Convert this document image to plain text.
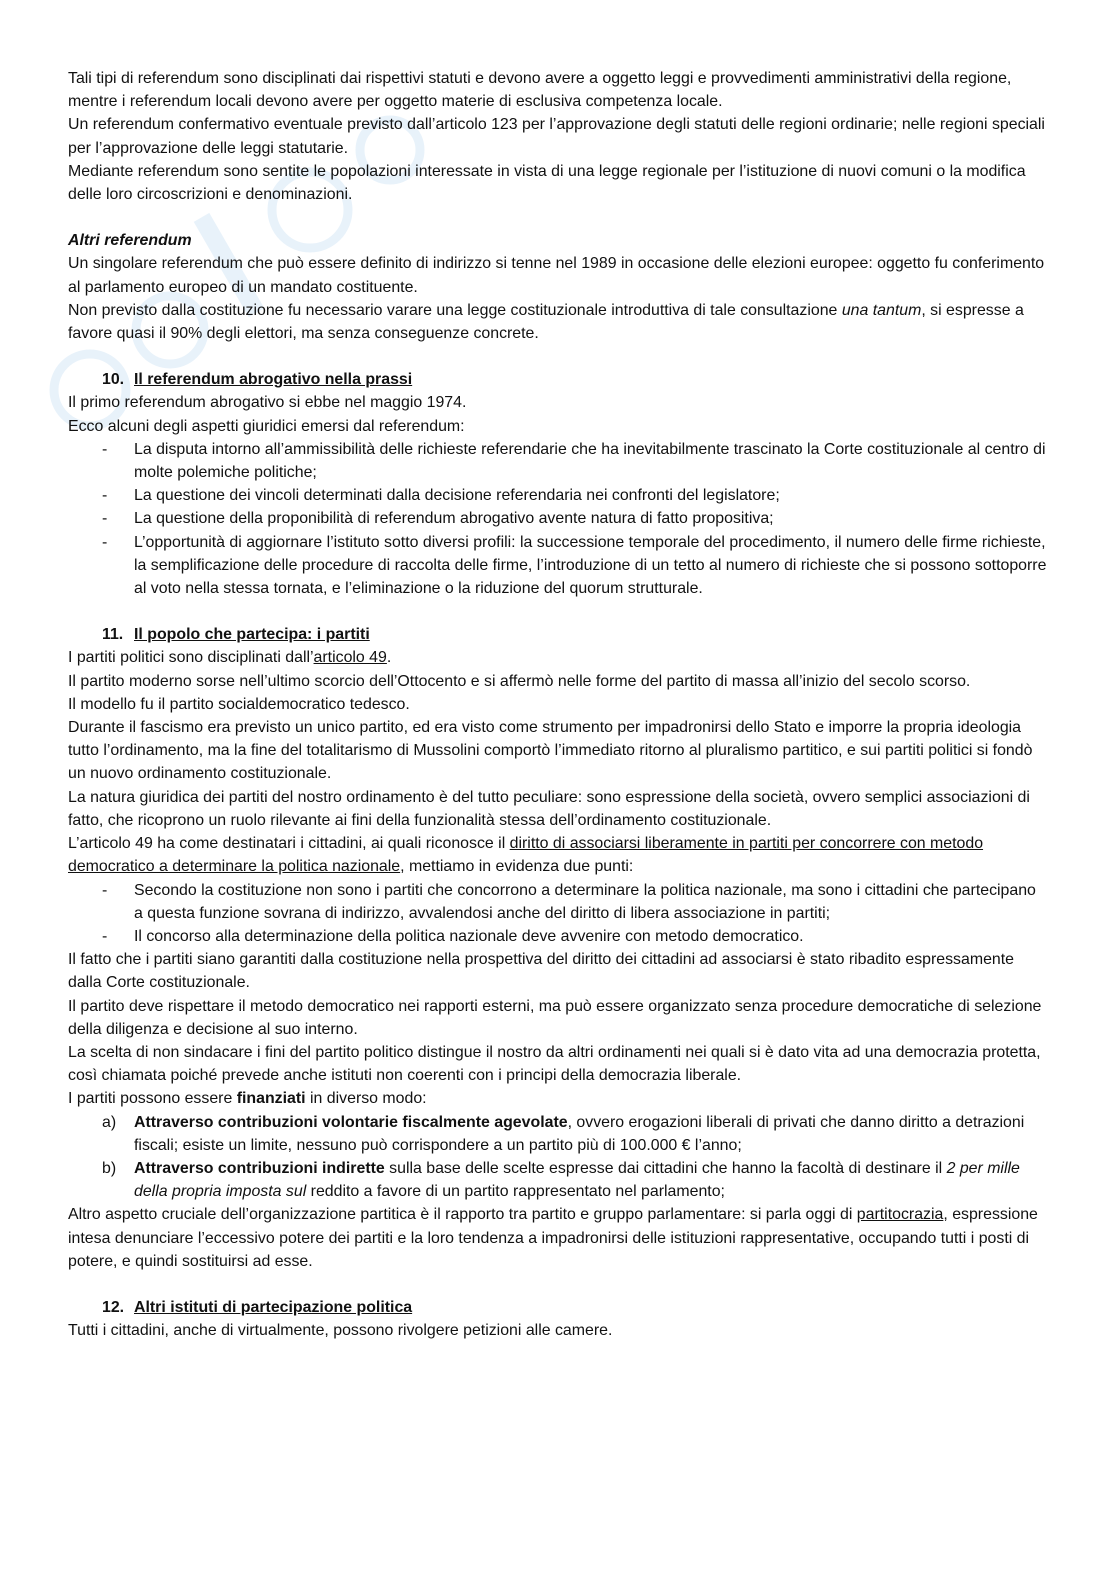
Tali tipi di referendum sono disciplinati dai rispettivi statuti e devono avere a oggetto leggi e provvedimenti amministrativi della regione, mentre i referendum locali devono avere per oggetto materie di esclusiva competenza locale.

Un referendum confermativo eventuale previsto dall’articolo 123 per l’approvazione degli statuti delle regioni ordinarie; nelle regioni speciali per l’approvazione delle leggi statutarie.

Mediante referendum sono sentite le popolazioni interessate in vista di una legge regionale per l’istituzione di nuovi comuni o la modifica delle loro circoscrizioni e denominazioni.

Altri referendum

Un singolare referendum che può essere definito di indirizzo si tenne nel 1989 in occasione delle elezioni europee: oggetto fu conferimento al parlamento europeo di un mandato costituente.

Non previsto dalla costituzione fu necessario varare una legge costituzionale introduttiva di tale consultazione una tantum, si espresse a favore quasi il 90% degli elettori, ma senza conseguenze concrete.

10. Il referendum abrogativo nella prassi

Il primo referendum abrogativo si ebbe nel maggio 1974.

Ecco alcuni degli aspetti giuridici emersi dal referendum:

- La disputa intorno all’ammissibilità delle richieste referendarie che ha inevitabilmente trascinato la Corte costituzionale al centro di molte polemiche politiche;
- La questione dei vincoli determinati dalla decisione referendaria nei confronti del legislatore;
- La questione della proponibilità di referendum abrogativo avente natura di fatto propositiva;
- L’opportunità di aggiornare l’istituto sotto diversi profili: la successione temporale del procedimento, il numero delle firme richieste, la semplificazione delle procedure di raccolta delle firme, l’introduzione di un tetto al numero di richieste che si possono sottoporre al voto nella stessa tornata, e l’eliminazione o la riduzione del quorum strutturale.

11. Il popolo che partecipa: i partiti

I partiti politici sono disciplinati dall’articolo 49.

Il partito moderno sorse nell’ultimo scorcio dell’Ottocento e si affermò nelle forme del partito di massa all’inizio del secolo scorso.

Il modello fu il partito socialdemocratico tedesco.

Durante il fascismo era previsto un unico partito, ed era visto come strumento per impadronirsi dello Stato e imporre la propria ideologia tutto l’ordinamento, ma la fine del totalitarismo di Mussolini comportò l’immediato ritorno al pluralismo partitico, e sui partiti politici si fondò un nuovo ordinamento costituzionale.

La natura giuridica dei partiti del nostro ordinamento è del tutto peculiare: sono espressione della società, ovvero semplici associazioni di fatto, che ricoprono un ruolo rilevante ai fini della funzionalità stessa dell’ordinamento costituzionale.

L’articolo 49 ha come destinatari i cittadini, ai quali riconosce il diritto di associarsi liberamente in partiti per concorrere con metodo democratico a determinare la politica nazionale, mettiamo in evidenza due punti:

- Secondo la costituzione non sono i partiti che concorrono a determinare la politica nazionale, ma sono i cittadini che partecipano a questa funzione sovrana di indirizzo, avvalendosi anche del diritto di libera associazione in partiti;
- Il concorso alla determinazione della politica nazionale deve avvenire con metodo democratico.

Il fatto che i partiti siano garantiti dalla costituzione nella prospettiva del diritto dei cittadini ad associarsi è stato ribadito espressamente dalla Corte costituzionale.

Il partito deve rispettare il metodo democratico nei rapporti esterni, ma può essere organizzato senza procedure democratiche di selezione della diligenza e decisione al suo interno.

La scelta di non sindacare i fini del partito politico distingue il nostro da altri ordinamenti nei quali si è dato vita ad una democrazia protetta, così chiamata poiché prevede anche istituti non coerenti con i principi della democrazia liberale.

I partiti possono essere finanziati in diverso modo:

a) Attraverso contribuzioni volontarie fiscalmente agevolate, ovvero erogazioni liberali di privati che danno diritto a detrazioni fiscali; esiste un limite, nessuno può corrispondere a un partito più di 100.000 € l’anno;
b) Attraverso contribuzioni indirette sulla base delle scelte espresse dai cittadini che hanno la facoltà di destinare il 2 per mille della propria imposta sul reddito a favore di un partito rappresentato nel parlamento;

Altro aspetto cruciale dell’organizzazione partitica è il rapporto tra partito e gruppo parlamentare: si parla oggi di partitocrazia, espressione intesa denunciare l’eccessivo potere dei partiti e la loro tendenza a impadronirsi delle istituzioni rappresentative, occupando tutti i posti di potere, e quindi sostituirsi ad esse.

12. Altri istituti di partecipazione politica

Tutti i cittadini, anche di virtualmente, possono rivolgere petizioni alle camere.
